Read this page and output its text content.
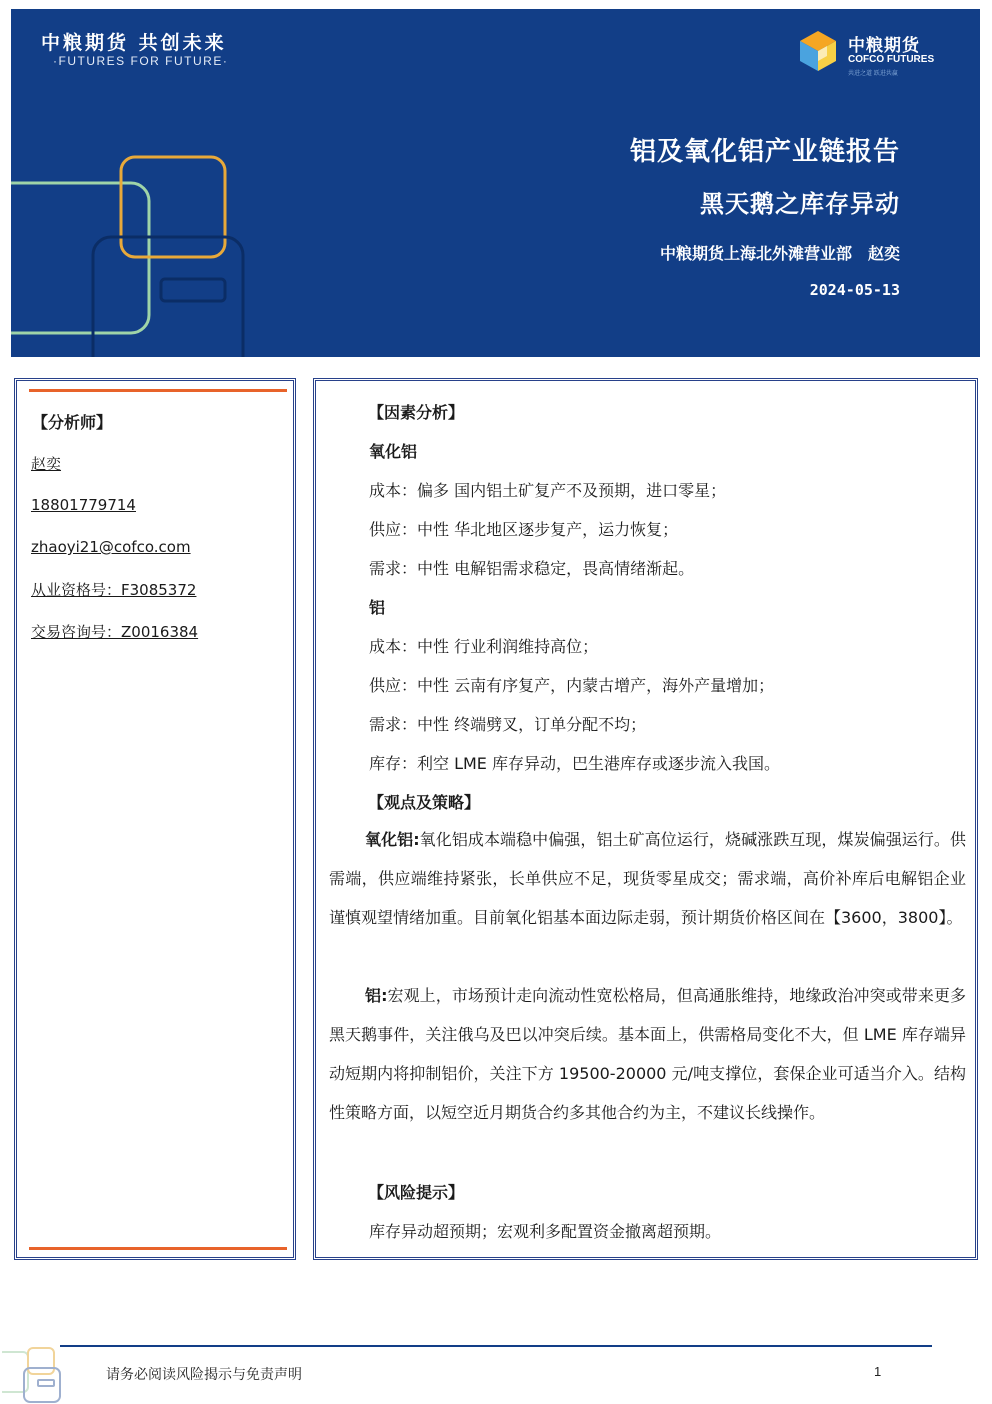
中粮期货 共创未来
·FUTURES FOR FUTURE·
中粮期货
COFCO FUTURES
共进之道 跃进共赢
铝及氧化铝产业链报告
黑天鹅之库存异动
中粮期货上海北外滩营业部　赵奕
2024-05-13
【分析师】
赵奕
18801779714
zhaoyi21@cofco.com
从业资格号：F3085372
交易咨询号：Z0016384
【因素分析】
氧化铝
成本：偏多 国内铝土矿复产不及预期，进口零星；
供应：中性 华北地区逐步复产，运力恢复；
需求：中性 电解铝需求稳定，畏高情绪渐起。
铝
成本：中性 行业利润维持高位；
供应：中性 云南有序复产，内蒙古增产，海外产量增加；
需求：中性 终端劈叉，订单分配不均；
库存：利空 LME 库存异动，巴生港库存或逐步流入我国。
【观点及策略】
氧化铝:氧化铝成本端稳中偏强，铝土矿高位运行，烧碱涨跌互现，煤炭偏强运行。供需端，供应端维持紧张，长单供应不足，现货零星成交；需求端，高价补库后电解铝企业谨慎观望情绪加重。目前氧化铝基本面边际走弱，预计期货价格区间在【3600，3800】。
铝:宏观上，市场预计走向流动性宽松格局，但高通胀维持，地缘政治冲突或带来更多黑天鹅事件，关注俄乌及巴以冲突后续。基本面上，供需格局变化不大，但 LME 库存端异动短期内将抑制铝价，关注下方 19500-20000 元/吨支撑位，套保企业可适当介入。结构性策略方面，以短空近月期货合约多其他合约为主，不建议长线操作。
【风险提示】
库存异动超预期；宏观利多配置资金撤离超预期。
请务必阅读风险揭示与免责声明	1
